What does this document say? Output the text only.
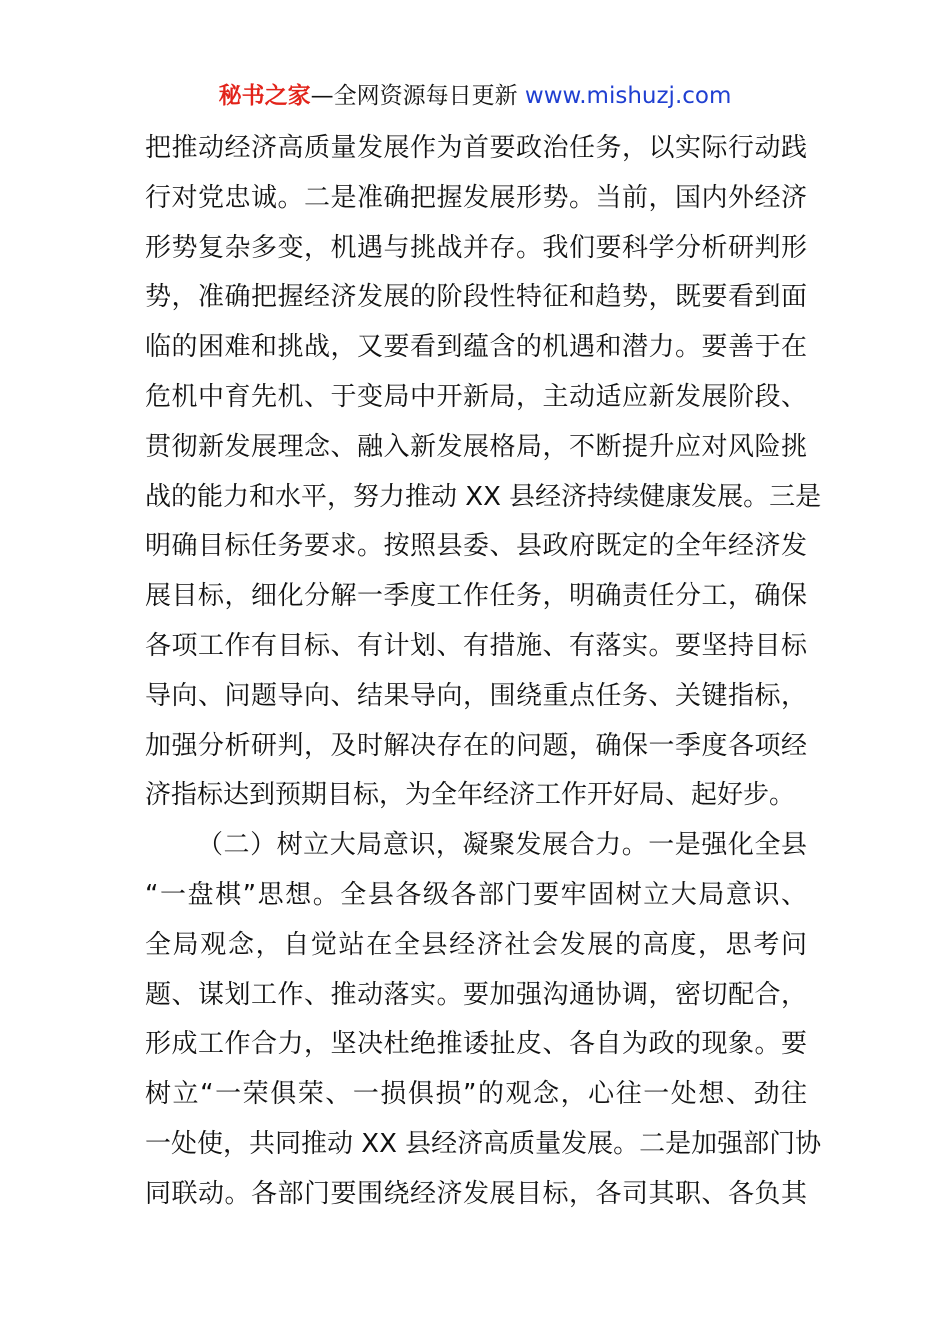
秘书之家—全网资源每日更新 www.mishuzj.com
把推动经济高质量发展作为首要政治任务，以实际行动践
行对党忠诚。二是准确把握发展形势。当前，国内外经济
形势复杂多变，机遇与挑战并存。我们要科学分析研判形
势，准确把握经济发展的阶段性特征和趋势，既要看到面
临的困难和挑战，又要看到蕴含的机遇和潜力。要善于在
危机中育先机、于变局中开新局，主动适应新发展阶段、
贯彻新发展理念、融入新发展格局，不断提升应对风险挑
战的能力和水平，努力推动 XX 县经济持续健康发展。三是
明确目标任务要求。按照县委、县政府既定的全年经济发
展目标，细化分解一季度工作任务，明确责任分工，确保
各项工作有目标、有计划、有措施、有落实。要坚持目标
导向、问题导向、结果导向，围绕重点任务、关键指标，
加强分析研判，及时解决存在的问题，确保一季度各项经
济指标达到预期目标，为全年经济工作开好局、起好步。
（二）树立大局意识，凝聚发展合力。一是强化全县
“一盘棋”思想。全县各级各部门要牢固树立大局意识、
全局观念，自觉站在全县经济社会发展的高度，思考问
题、谋划工作、推动落实。要加强沟通协调，密切配合，
形成工作合力，坚决杜绝推诿扯皮、各自为政的现象。要
树立“一荣俱荣、一损俱损”的观念，心往一处想、劲往
一处使，共同推动 XX 县经济高质量发展。二是加强部门协
同联动。各部门要围绕经济发展目标，各司其职、各负其
